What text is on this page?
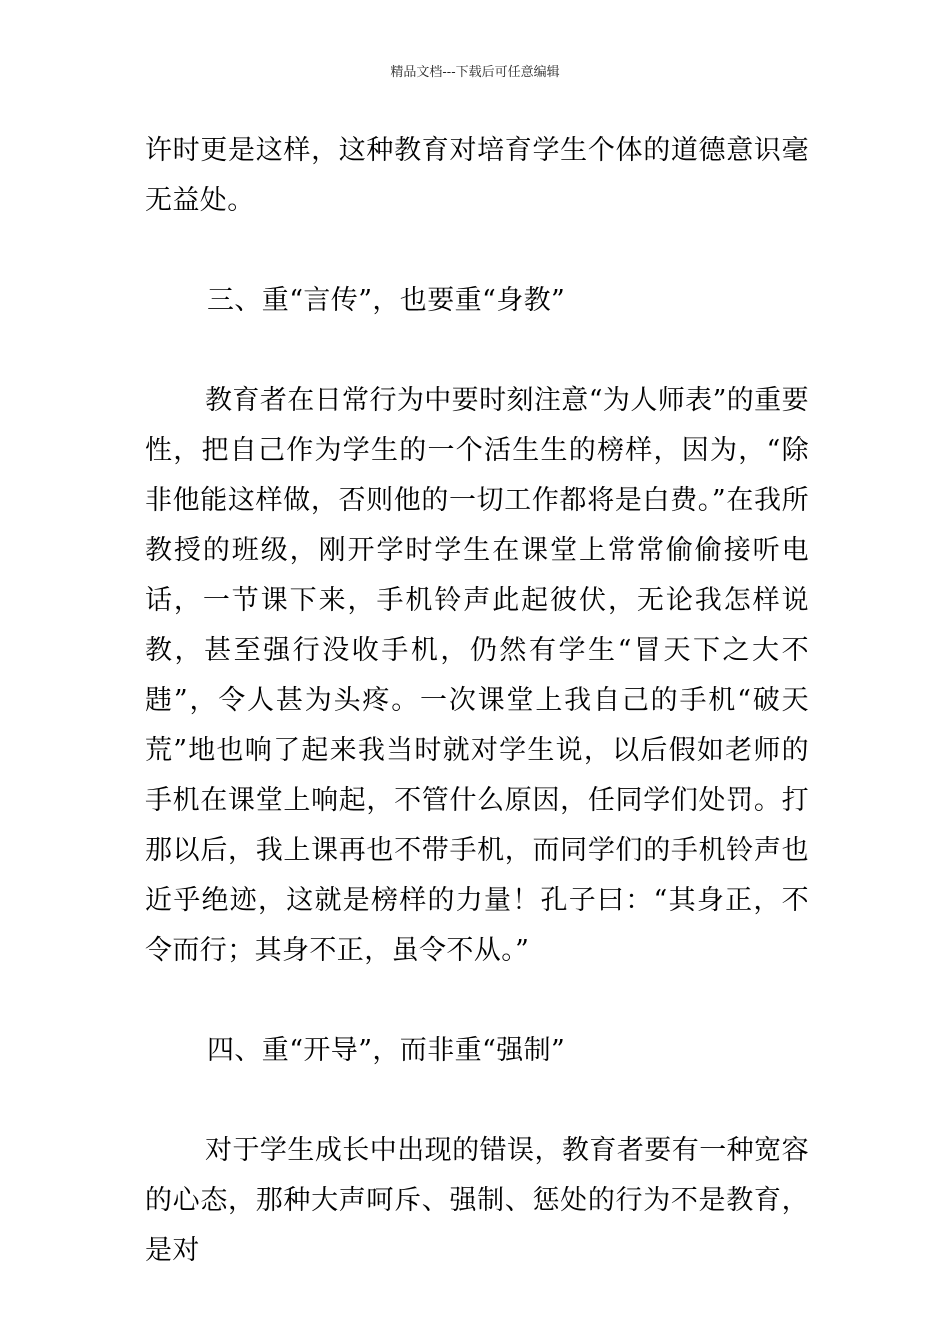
精品文档---下载后可任意编辑

许时更是这样，这种教育对培育学生个体的道德意识毫无益处。

三、重“言传”，也要重“身教”

教育者在日常行为中要时刻注意“为人师表”的重要性，把自己作为学生的一个活生生的榜样，因为，“除非他能这样做，否则他的一切工作都将是白费。”在我所教授的班级，刚开学时学生在课堂上常常偷偷接听电话，一节课下来，手机铃声此起彼伏，无论我怎样说教，甚至强行没收手机，仍然有学生“冒天下之大不韪”，令人甚为头疼。一次课堂上我自己的手机“破天荒”地也响了起来我当时就对学生说，以后假如老师的手机在课堂上响起，不管什么原因，任同学们处罚。打那以后，我上课再也不带手机，而同学们的手机铃声也近乎绝迹，这就是榜样的力量！孔子曰：“其身正，不令而行；其身不正，虽令不从。”

四、重“开导”，而非重“强制”

对于学生成长中出现的错误，教育者要有一种宽容的心态，那种大声呵斥、强制、惩处的行为不是教育，是对
